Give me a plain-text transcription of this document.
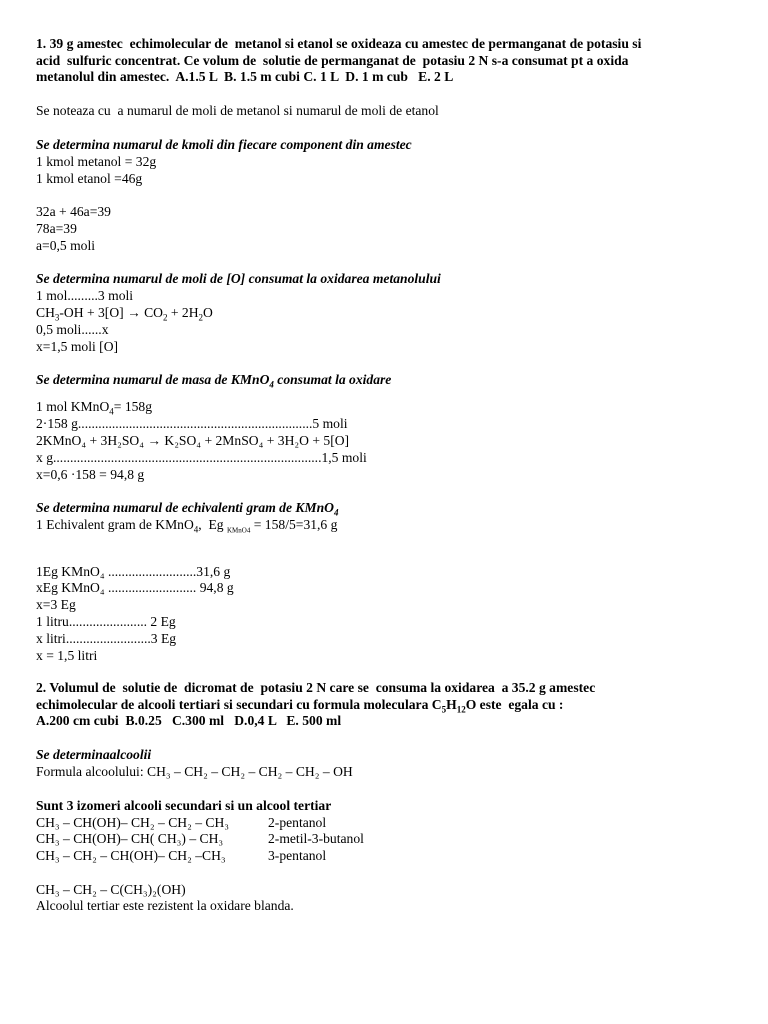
1. 39 g amestec  echimolecular de  metanol si etanol se oxideaza cu amestec de permanganat de potasiu si
acid  sulfuric concentrat. Ce volum de  solutie de permanganat de  potasiu 2 N s-a consumat pt a oxida
metanolul din amestec.  A.1.5 L  B. 1.5 m cubi C. 1 L  D. 1 m cub   E. 2 L
Se noteaza cu  a numarul de moli de metanol si numarul de moli de etanol
Se determina numarul de kmoli din fiecare component din amestec
1 kmol metanol = 32g
1 kmol etanol =46g
32a + 46a=39
78a=39
a=0,5 moli
Se determina numarul de moli de [O] consumat la oxidarea metanolului
1 mol.........3 moli
$CH_3-OH + 3[O] \to CO_2 + 2H_2O$
0,5 moli......x
x=1,5 moli [O]
Se determina numarul de masa de KMnO$_4$ consumat la oxidare
1 mol KMnO$_4$= 158g
2·158 g.....................................................................5 moli
2KMnO₄ + 3H₂SO₄ → K₂SO₄ + 2MnSO₄ + 3H₂O + 5[O]
x g...............................................................................1,5 moli
x=0,6 ·158 = 94,8 g
Se determina numarul de echivalenti gram de KMnO$_4$
1 Echivalent gram de KMnO$_4$,  Eg $_{KMnO4}$ = 158/5=31,6 g
1Eg KMnO₄ ..........................31,6 g
xEg KMnO₄ .......................... 94,8 g
x=3 Eg
1 litru....................... 2 Eg
x litri.........................3 Eg
x = 1,5 litri
2. Volumul de  solutie de  dicromat de  potasiu 2 N care se  consuma la oxidarea  a 35.2 g amestec
echimolecular de alcooli tertiari si secundari cu formula moleculara $C_5H_{12}O$ este  egala cu :
A.200 cm cubi  B.0.25   C.300 ml   D.0,4 L   E. 500 ml
Se determinaalcoolii
Formula alcoolului: CH₃ – CH₂ – CH₂ – CH₂ – CH₂ – OH
Sunt 3 izomeri alcooli secundari si un alcool tertiar
CH₃ – CH(OH)– CH₂ – CH₂ – CH₃	2-pentanol
CH₃ – CH(OH)– CH( CH₃) – CH₃	2-metil-3-butanol
CH₃ – CH₂ – CH(OH)– CH₂ –CH₃	3-pentanol
CH₃ – CH₂ – C(CH₃)₂(OH)
Alcoolul tertiar este rezistent la oxidare blanda.
